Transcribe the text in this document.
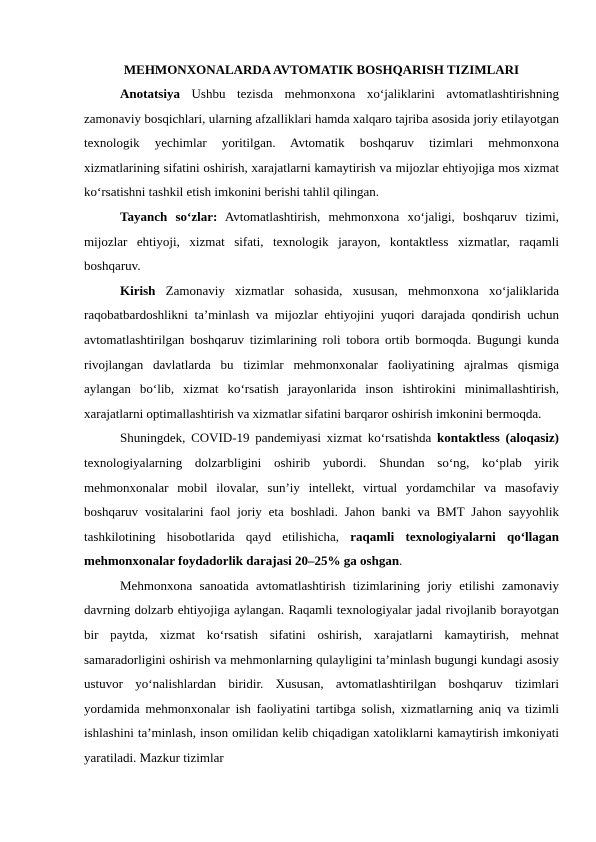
MEHMONXONALARDA AVTOMATIK BOSHQARISH TIZIMLARI

Anotatsiya Ushbu tezisda mehmonxona xo‘jaliklarini avtomatlashtirishning zamonaviy bosqichlari, ularning afzalliklari hamda xalqaro tajriba asosida joriy etilayotgan texnologik yechimlar yoritilgan. Avtomatik boshqaruv tizimlari mehmonxona xizmatlarining sifatini oshirish, xarajatlarni kamaytirish va mijozlar ehtiyojiga mos xizmat ko‘rsatishni tashkil etish imkonini berishi tahlil qilingan.

Tayanch so‘zlar: Avtomatlashtirish, mehmonxona xo‘jaligi, boshqaruv tizimi, mijozlar ehtiyoji, xizmat sifati, texnologik jarayon, kontaktless xizmatlar, raqamli boshqaruv.

Kirish Zamonaviy xizmatlar sohasida, xususan, mehmonxona xo‘jaliklarida raqobatbardoshlikni ta’minlash va mijozlar ehtiyojini yuqori darajada qondirish uchun avtomatlashtirilgan boshqaruv tizimlarining roli tobora ortib bormoqda. Bugungi kunda rivojlangan davlatlarda bu tizimlar mehmonxonalar faoliyatining ajralmas qismiga aylangan bo‘lib, xizmat ko‘rsatish jarayonlarida inson ishtirokini minimallashtirish, xarajatlarni optimallashtirish va xizmatlar sifatini barqaror oshirish imkonini bermoqda.

Shuningdek, COVID-19 pandemiyasi xizmat ko‘rsatishda kontaktless (aloqasiz) texnologiyalarning dolzarbligini oshirib yubordi. Shundan so‘ng, ko‘plab yirik mehmonxonalar mobil ilovalar, sun’iy intellekt, virtual yordamchilar va masofaviy boshqaruv vositalarini faol joriy eta boshladi. Jahon banki va BMT Jahon sayyohlik tashkilotining hisobotlarida qayd etilishicha, raqamli texnologiyalarni qo‘llagan mehmonxonalar foydadorlik darajasi 20–25% ga oshgan.

Mehmonxona sanoatida avtomatlashtirish tizimlarining joriy etilishi zamonaviy davrning dolzarb ehtiyojiga aylangan. Raqamli texnologiyalar jadal rivojlanib borayotgan bir paytda, xizmat ko‘rsatish sifatini oshirish, xarajatlarni kamaytirish, mehnat samaradorligini oshirish va mehmonlarning qulayligini ta’minlash bugungi kundagi asosiy ustuvor yo‘nalishlardan biridir. Xususan, avtomatlashtirilgan boshqaruv tizimlari yordamida mehmonxonalar ish faoliyatini tartibga solish, xizmatlarning aniq va tizimli ishlashini ta’minlash, inson omilidan kelib chiqadigan xatoliklarni kamaytirish imkoniyati yaratiladi. Mazkur tizimlar
